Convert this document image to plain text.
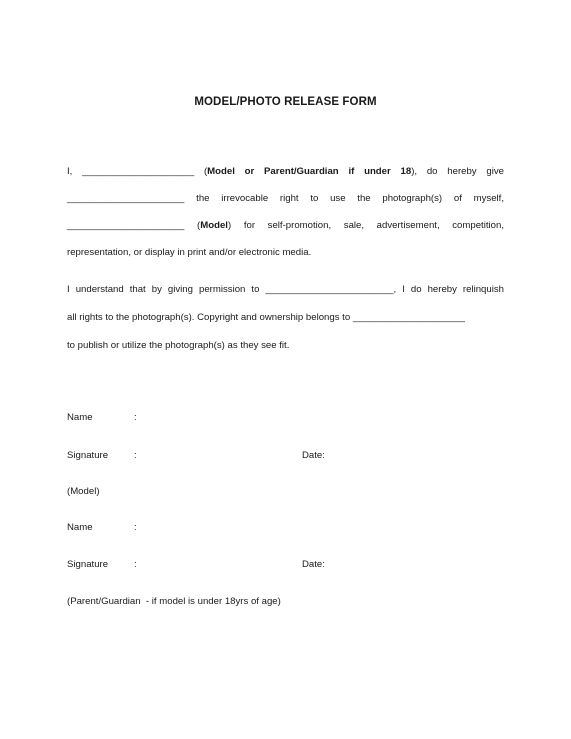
MODEL/PHOTO RELEASE FORM
I, _____________________ (Model or Parent/Guardian if under 18), do hereby give
______________________ the irrevocable right to use the photograph(s) of myself,
______________________ (Model) for self-promotion, sale, advertisement, competition,
representation, or display in print and/or electronic media.
I understand that by giving permission to ________________________, I do hereby relinquish
all rights to the photograph(s). Copyright and ownership belongs to _____________________
to publish or utilize the photograph(s) as they see fit.
Name	:
Signature	:	Date:
(Model)
Name	:
Signature	:	Date:
(Parent/Guardian  - if model is under 18yrs of age)
